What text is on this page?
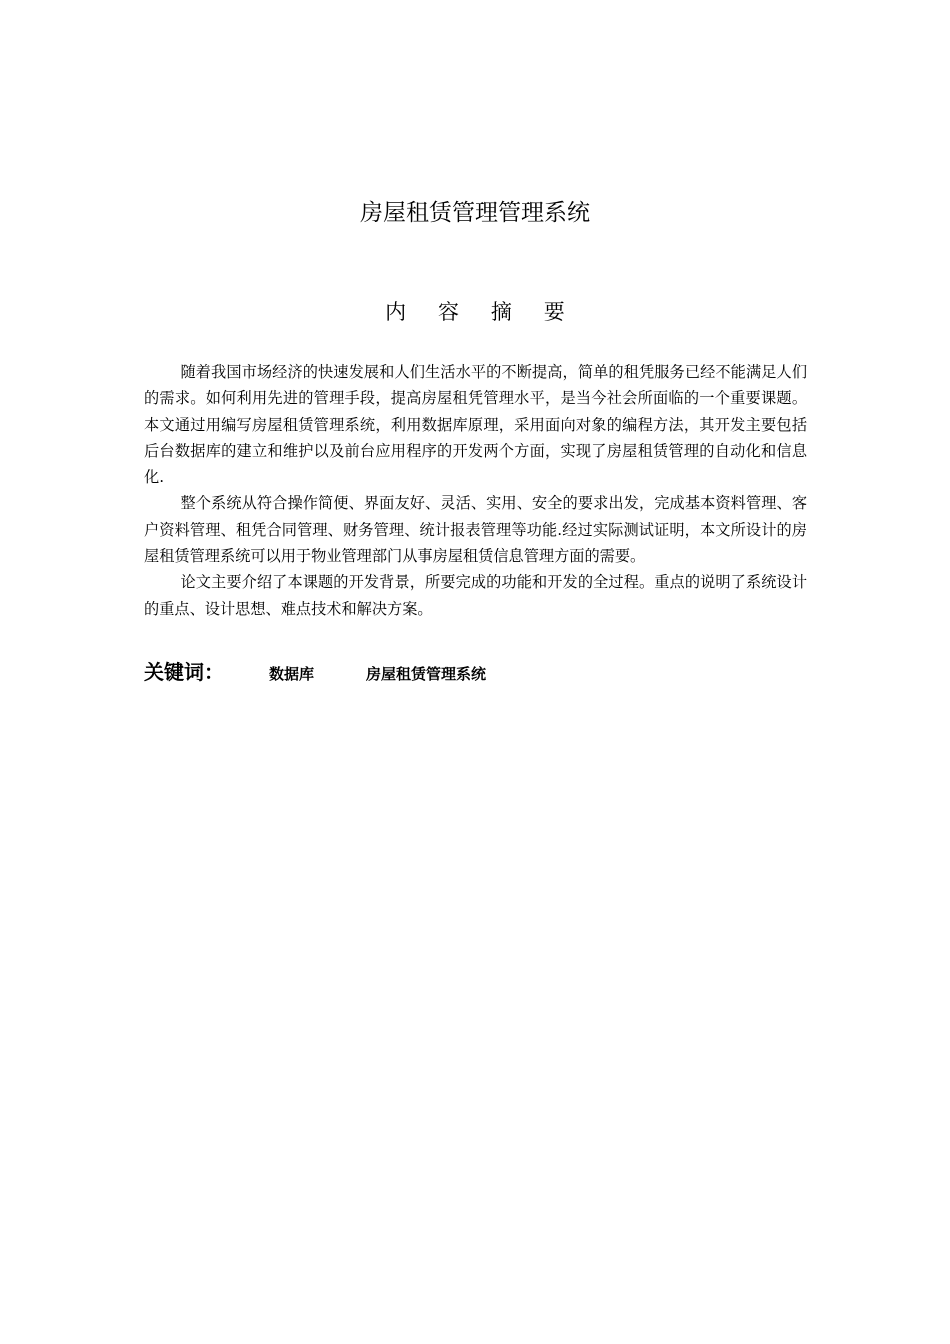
房屋租赁管理管理系统
内 容 摘 要

随着我国市场经济的快速发展和人们生活水平的不断提高，简单的租凭服务已经不能满足人们的需求。如何利用先进的管理手段，提高房屋租凭管理水平，是当今社会所面临的一个重要课题。本文通过用编写房屋租赁管理系统，利用数据库原理，采用面向对象的编程方法，其开发主要包括后台数据库的建立和维护以及前台应用程序的开发两个方面，实现了房屋租赁管理的自动化和信息化.

整个系统从符合操作简便、界面友好、灵活、实用、安全的要求出发，完成基本资料管理、客户资料管理、租凭合同管理、财务管理、统计报表管理等功能.经过实际测试证明，本文所设计的房屋租赁管理系统可以用于物业管理部门从事房屋租赁信息管理方面的需要。

论文主要介绍了本课题的开发背景，所要完成的功能和开发的全过程。重点的说明了系统设计的重点、设计思想、难点技术和解决方案。

关键词：	数据库	房屋租赁管理系统
